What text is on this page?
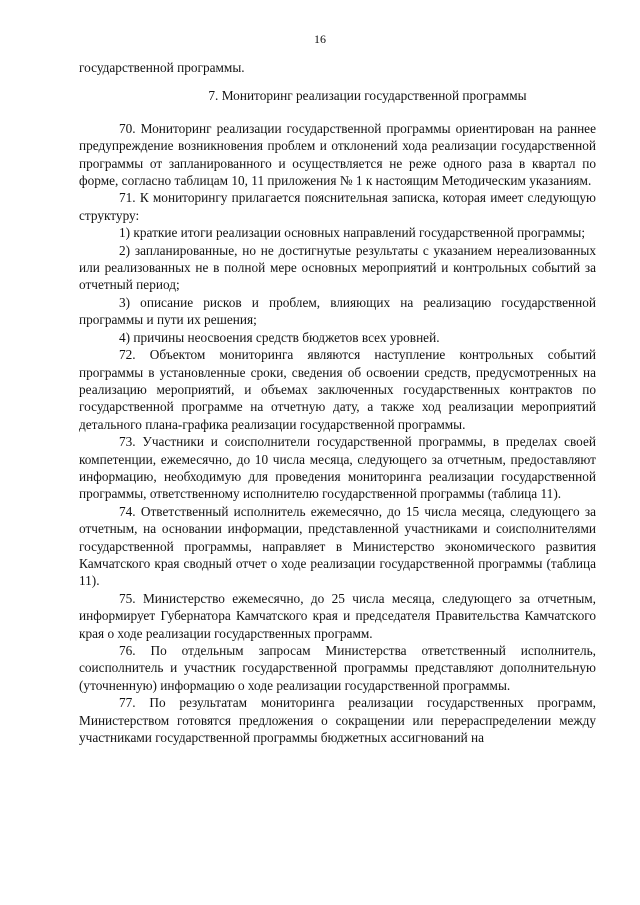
16

государственной программы.

7. Мониторинг реализации государственной программы

70. Мониторинг реализации государственной программы ориентирован на раннее предупреждение возникновения проблем и отклонений хода реализации государственной программы от запланированного и осуществляется не реже одного раза в квартал по форме, согласно таблицам 10, 11 приложения № 1 к настоящим Методическим указаниям.

71. К мониторингу прилагается пояснительная записка, которая имеет следующую структуру:

1) краткие итоги реализации основных направлений государственной программы;

2) запланированные, но не достигнутые результаты с указанием нереализованных или реализованных не в полной мере основных мероприятий и контрольных событий за отчетный период;

3) описание рисков и проблем, влияющих на реализацию государственной программы и пути их решения;

4) причины неосвоения средств бюджетов всех уровней.

72. Объектом мониторинга являются наступление контрольных событий программы в установленные сроки, сведения об освоении средств, предусмотренных на реализацию мероприятий, и объемах заключенных государственных контрактов по государственной программе на отчетную дату, а также ход реализации мероприятий детального плана-графика реализации государственной программы.

73. Участники и соисполнители государственной программы, в пределах своей компетенции, ежемесячно, до 10 числа месяца, следующего за отчетным, предоставляют информацию, необходимую для проведения мониторинга реализации государственной программы, ответственному исполнителю государственной программы (таблица 11).

74. Ответственный исполнитель ежемесячно, до 15 числа месяца, следующего за отчетным, на основании информации, представленной участниками и соисполнителями государственной программы, направляет в Министерство экономического развития Камчатского края сводный отчет о ходе реализации государственной программы (таблица 11).

75. Министерство ежемесячно, до 25 числа месяца, следующего за отчетным, информирует Губернатора Камчатского края и председателя Правительства Камчатского края о ходе реализации государственных программ.

76. По отдельным запросам Министерства ответственный исполнитель, соисполнитель и участник государственной программы представляют дополнительную (уточненную) информацию о ходе реализации государственной программы.

77. По результатам мониторинга реализации государственных программ, Министерством готовятся предложения о сокращении или перераспределении между участниками государственной программы бюджетных ассигнований на
